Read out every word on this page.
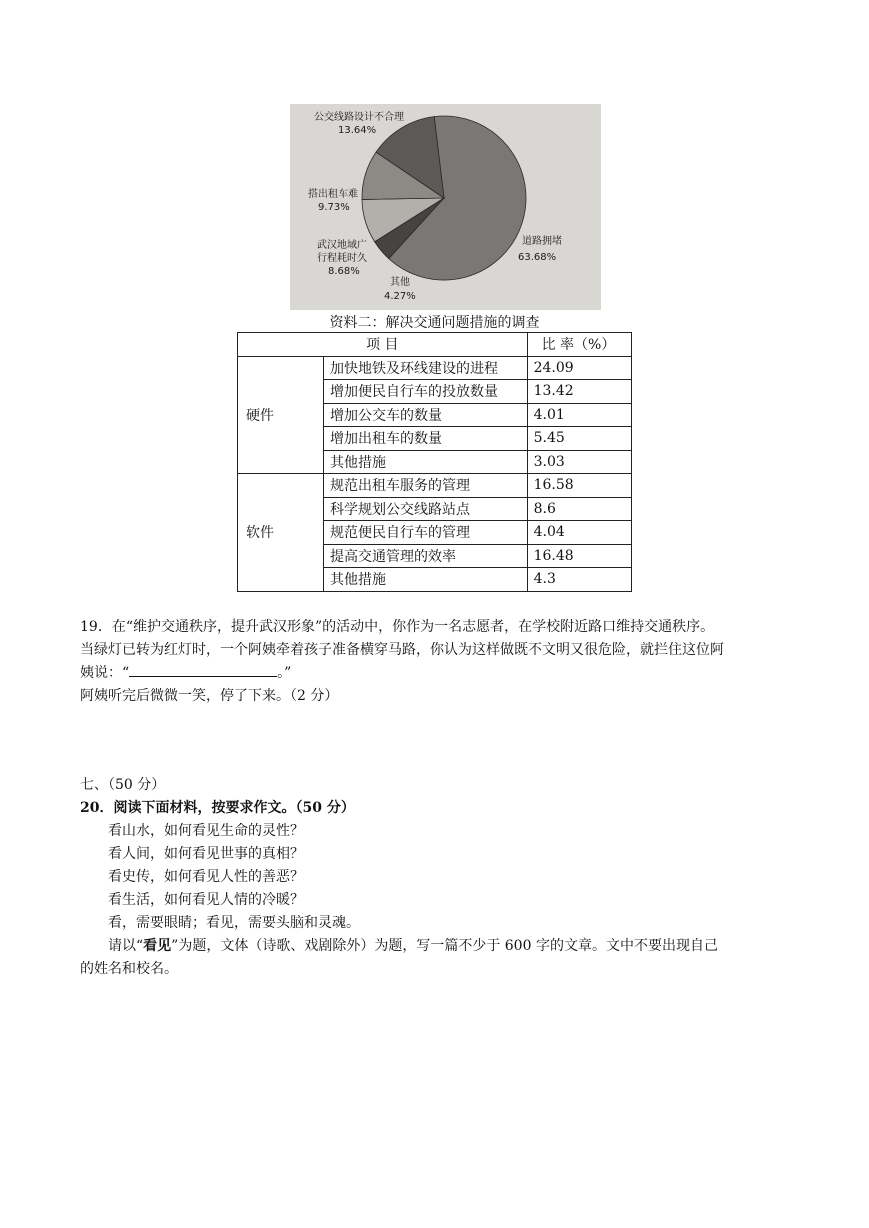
公交线路设计不合理
13.64%
搭出租车难
9.73%
武汉地域广
行程耗时久
8.68%
其他
4.27%
道路拥堵
63.68%
资料二：解决交通问题措施的调查
项 目		比 率（%）
硬件	加快地铁及环线建设的进程	24.09
	增加便民自行车的投放数量	13.42
	增加公交车的数量	4.01
	增加出租车的数量	5.45
	其他措施	3.03
软件	规范出租车服务的管理	16.58
	科学规划公交线路站点	8.6
	规范便民自行车的管理	4.04
	提高交通管理的效率	16.48
	其他措施	4.3
19．在“维护交通秩序，提升武汉形象”的活动中，你作为一名志愿者，在学校附近路口维持交通秩序。
当绿灯已转为红灯时，一个阿姨牵着孩子准备横穿马路，你认为这样做既不文明又很危险，就拦住这位阿
姨说：“	。”
阿姨听完后微微一笑，停了下来。（2 分）
七、（50 分）
20．阅读下面材料，按要求作文。（50 分）
看山水，如何看见生命的灵性？
看人间，如何看见世事的真相？
看史传，如何看见人性的善恶？
看生活，如何看见人情的冷暖？
看，需要眼睛；看见，需要头脑和灵魂。
请以“看见”为题，文体（诗歌、戏剧除外）为题，写一篇不少于 600 字的文章。文中不要出现自己
的姓名和校名。
